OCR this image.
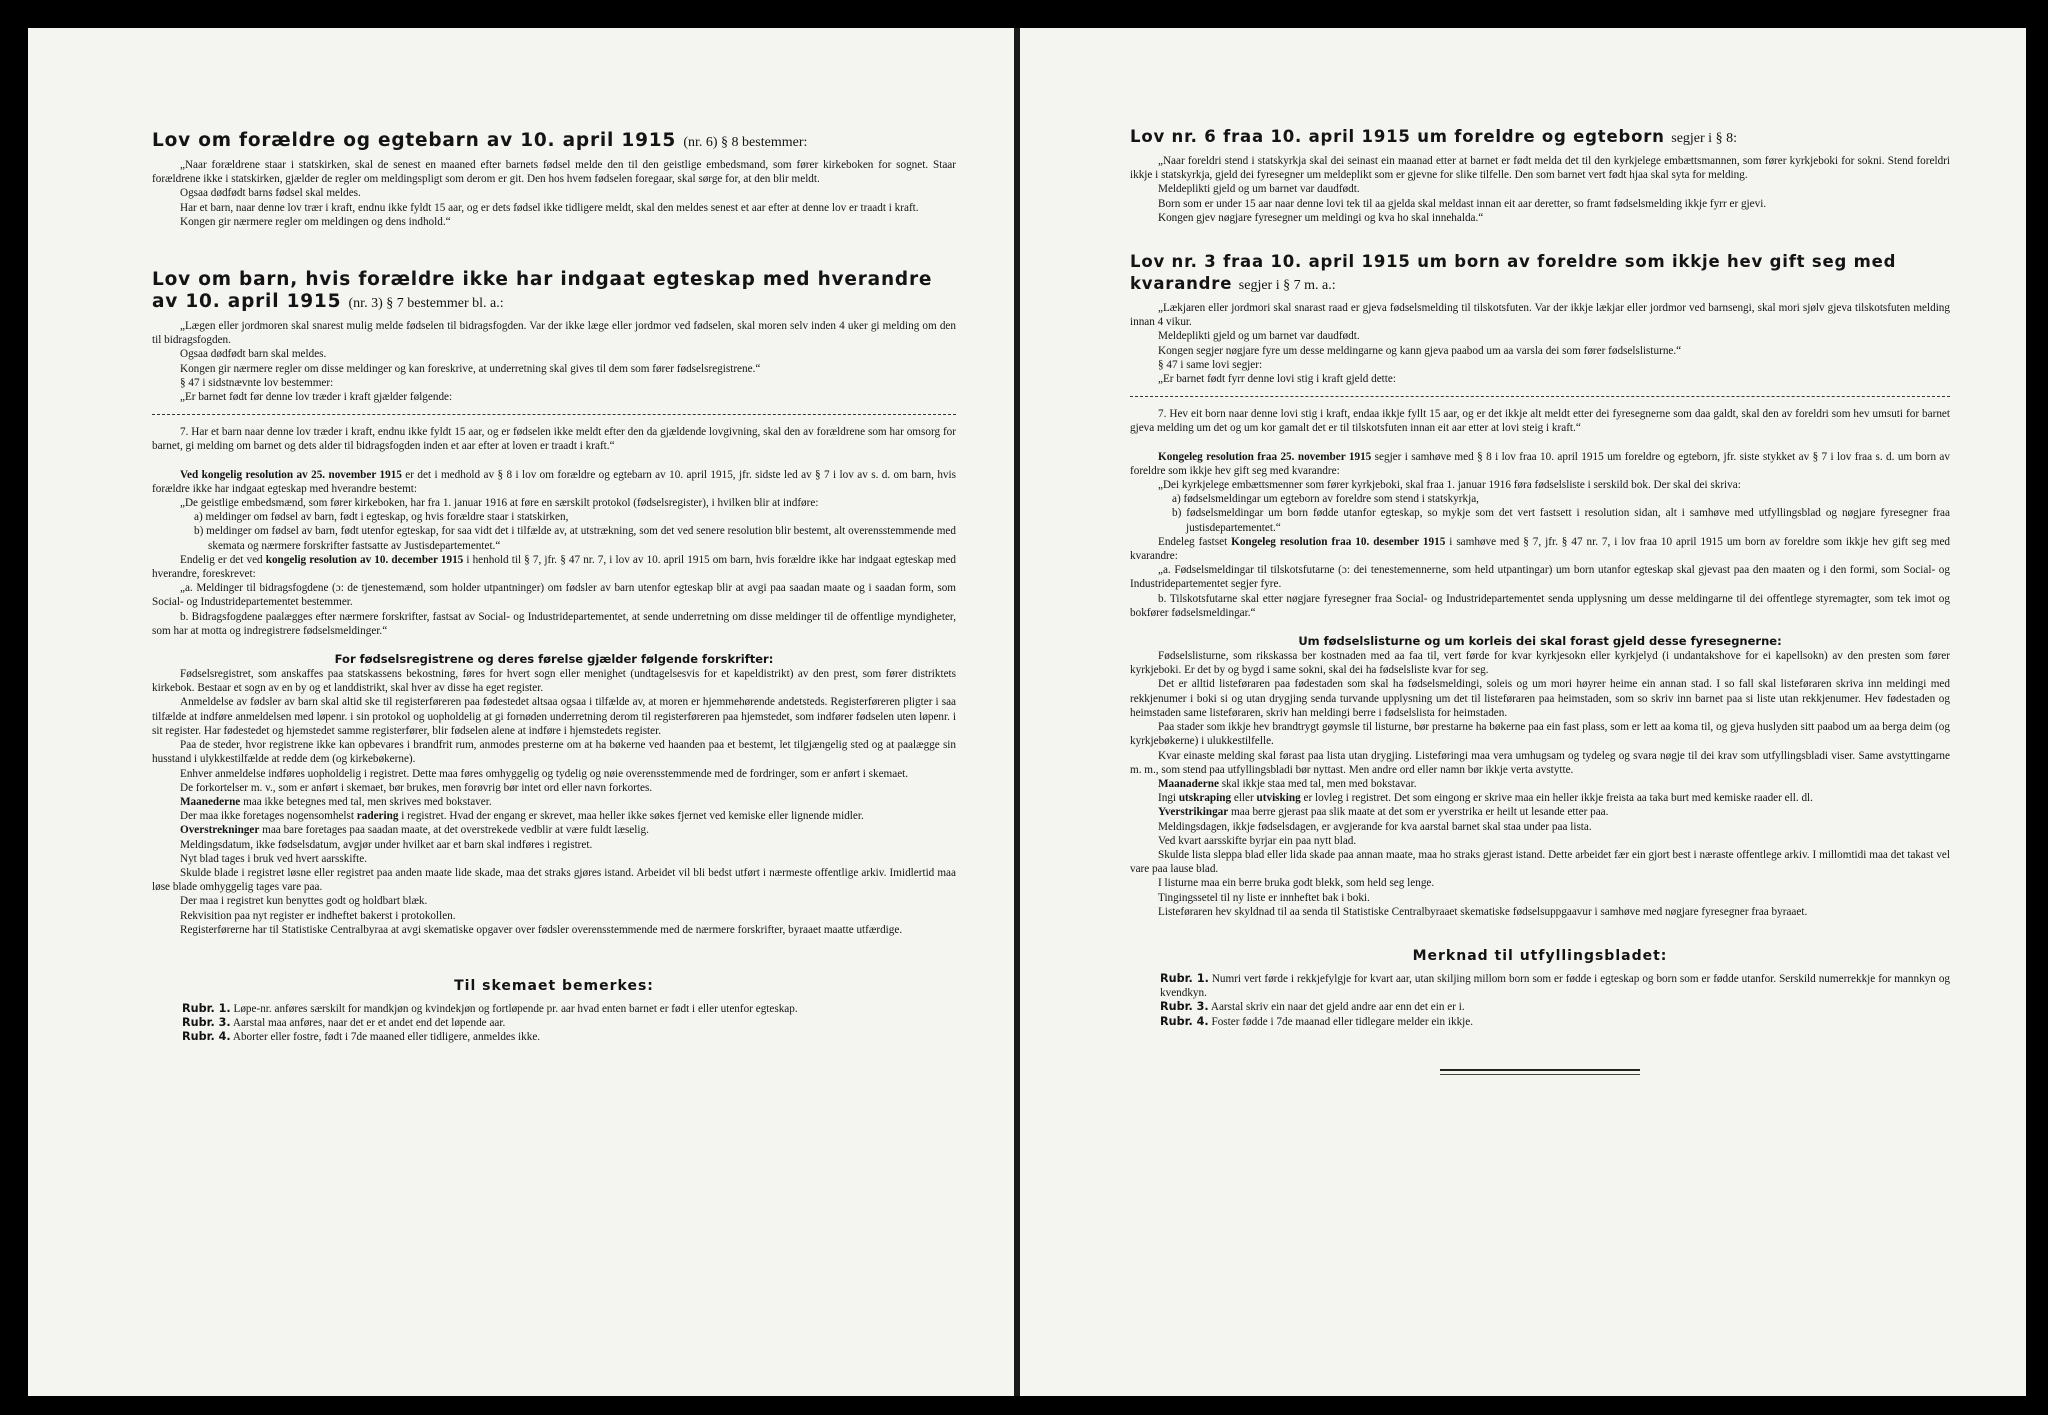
Lov om forældre og egtebarn av 10. april 1915 (nr. 6) § 8 bestemmer:

„Naar forældrene staar i statskirken, skal de senest en maaned efter barnets fødsel melde den til den geistlige embedsmand, som fører kirkeboken for sognet. Staar forældrene ikke i statskirken, gjælder de regler om meldingspligt som derom er git. Den hos hvem fødselen foregaar, skal sørge for, at den blir meldt.

Ogsaa dødfødt barns fødsel skal meldes.

Har et barn, naar denne lov trær i kraft, endnu ikke fyldt 15 aar, og er dets fødsel ikke tidligere meldt, skal den meldes senest et aar efter at denne lov er traadt i kraft.

Kongen gir nærmere regler om meldingen og dens indhold.“

Lov om barn, hvis forældre ikke har indgaat egteskap med hverandre av 10. april 1915 (nr. 3) § 7 bestemmer bl. a.:

„Lægen eller jordmoren skal snarest mulig melde fødselen til bidragsfogden. Var der ikke læge eller jordmor ved fødselen, skal moren selv inden 4 uker gi melding om den til bidragsfogden.

Ogsaa dødfødt barn skal meldes.

Kongen gir nærmere regler om disse meldinger og kan foreskrive, at underretning skal gives til dem som fører fødselsregistrene.“

§ 47 i sidstnævnte lov bestemmer:

„Er barnet født før denne lov træder i kraft gjælder følgende:

7. Har et barn naar denne lov træder i kraft, endnu ikke fyldt 15 aar, og er fødselen ikke meldt efter den da gjældende lovgivning, skal den av forældrene som har omsorg for barnet, gi melding om barnet og dets alder til bidragsfogden inden et aar efter at loven er traadt i kraft.“

Ved kongelig resolution av 25. november 1915 er det i medhold av § 8 i lov om forældre og egtebarn av 10. april 1915, jfr. sidste led av § 7 i lov av s. d. om barn, hvis forældre ikke har indgaat egteskap med hverandre bestemt:

„De geistlige embedsmænd, som fører kirkeboken, har fra 1. januar 1916 at føre en særskilt protokol (fødselsregister), i hvilken blir at indføre:

a) meldinger om fødsel av barn, født i egteskap, og hvis forældre staar i statskirken,

b) meldinger om fødsel av barn, født utenfor egteskap, for saa vidt det i tilfælde av, at utstrækning, som det ved senere resolution blir bestemt, alt overensstemmende med skemata og nærmere forskrifter fastsatte av Justisdepartementet.“

Endelig er det ved kongelig resolution av 10. december 1915 i henhold til § 7, jfr. § 47 nr. 7, i lov av 10. april 1915 om barn, hvis forældre ikke har indgaat egteskap med hverandre, foreskrevet:

„a. Meldinger til bidragsfogdene (ɔ: de tjenestemænd, som holder utpantninger) om fødsler av barn utenfor egteskap blir at avgi paa saadan maate og i saadan form, som Social- og Industridepartementet bestemmer.

b. Bidragsfogdene paalægges efter nærmere forskrifter, fastsat av Social- og Industridepartementet, at sende underretning om disse meldinger til de offentlige myndigheter, som har at motta og indregistrere fødselsmeldinger.“

For fødselsregistrene og deres førelse gjælder følgende forskrifter:

Fødselsregistret, som anskaffes paa statskassens bekostning, føres for hvert sogn eller menighet (undtagelsesvis for et kapeldistrikt) av den prest, som fører distriktets kirkebok. Bestaar et sogn av en by og et landdistrikt, skal hver av disse ha eget register.

Anmeldelse av fødsler av barn skal altid ske til registerføreren paa fødestedet altsaa ogsaa i tilfælde av, at moren er hjemmehørende andetsteds. Registerføreren pligter i saa tilfælde at indføre anmeldelsen med løpenr. i sin protokol og uopholdelig at gi fornøden underretning derom til registerføreren paa hjemstedet, som indfører fødselen uten løpenr. i sit register. Har fødestedet og hjemstedet samme registerfører, blir fødselen alene at indføre i hjemstedets register.

Paa de steder, hvor registrene ikke kan opbevares i brandfrit rum, anmodes presterne om at ha bøkerne ved haanden paa et bestemt, let tilgjængelig sted og at paalægge sin husstand i ulykkestilfælde at redde dem (og kirkebøkerne).

Enhver anmeldelse indføres uopholdelig i registret. Dette maa føres omhyggelig og tydelig og nøie overensstemmende med de fordringer, som er anført i skemaet.

De forkortelser m. v., som er anført i skemaet, bør brukes, men forøvrig bør intet ord eller navn forkortes.

Maanederne maa ikke betegnes med tal, men skrives med bokstaver.

Der maa ikke foretages nogensomhelst radering i registret. Hvad der engang er skrevet, maa heller ikke søkes fjernet ved kemiske eller lignende midler.

Overstrekninger maa bare foretages paa saadan maate, at det overstrekede vedblir at være fuldt læselig.

Meldingsdatum, ikke fødselsdatum, avgjør under hvilket aar et barn skal indføres i registret.

Nyt blad tages i bruk ved hvert aarsskifte.

Skulde blade i registret løsne eller registret paa anden maate lide skade, maa det straks gjøres istand. Arbeidet vil bli bedst utført i nærmeste offentlige arkiv. Imidlertid maa løse blade omhyggelig tages vare paa.

Der maa i registret kun benyttes godt og holdbart blæk.

Rekvisition paa nyt register er indheftet bakerst i protokollen.

Registerførerne har til Statistiske Centralbyraa at avgi skematiske opgaver over fødsler overensstemmende med de nærmere forskrifter, byraaet maatte utfærdige.

Til skemaet bemerkes:

Rubr. 1. Løpe-nr. anføres særskilt for mandkjøn og kvindekjøn og fortløpende pr. aar hvad enten barnet er født i eller utenfor egteskap.

Rubr. 3. Aarstal maa anføres, naar det er et andet end det løpende aar.

Rubr. 4. Aborter eller fostre, født i 7de maaned eller tidligere, anmeldes ikke.

Lov nr. 6 fraa 10. april 1915 um foreldre og egteborn segjer i § 8:

„Naar foreldri stend i statskyrkja skal dei seinast ein maanad etter at barnet er født melda det til den kyrkjelege embættsmannen, som fører kyrkjeboki for sokni. Stend foreldri ikkje i statskyrkja, gjeld dei fyresegner um meldeplikt som er gjevne for slike tilfelle. Den som barnet vert født hjaa skal syta for melding.

Meldeplikti gjeld og um barnet var daudfødt.

Born som er under 15 aar naar denne lovi tek til aa gjelda skal meldast innan eit aar deretter, so framt fødselsmelding ikkje fyrr er gjevi.

Kongen gjev nøgjare fyresegner um meldingi og kva ho skal innehalda.“

Lov nr. 3 fraa 10. april 1915 um born av foreldre som ikkje hev gift seg med kvarandre segjer i § 7 m. a.:

„Lækjaren eller jordmori skal snarast raad er gjeva fødselsmelding til tilskotsfuten. Var der ikkje lækjar eller jordmor ved barnsengi, skal mori sjølv gjeva tilskotsfuten melding innan 4 vikur.

Meldeplikti gjeld og um barnet var daudfødt.

Kongen segjer nøgjare fyre um desse meldingarne og kann gjeva paabod um aa varsla dei som fører fødselslisturne.“

§ 47 i same lovi segjer:

„Er barnet født fyrr denne lovi stig i kraft gjeld dette:

7. Hev eit born naar denne lovi stig i kraft, endaa ikkje fyllt 15 aar, og er det ikkje alt meldt etter dei fyresegnerne som daa galdt, skal den av foreldri som hev umsuti for barnet gjeva melding um det og um kor gamalt det er til tilskotsfuten innan eit aar etter at lovi steig i kraft.“

Kongeleg resolution fraa 25. november 1915 segjer i samhøve med § 8 i lov fraa 10. april 1915 um foreldre og egteborn, jfr. siste stykket av § 7 i lov fraa s. d. um born av foreldre som ikkje hev gift seg med kvarandre:

„Dei kyrkjelege embættsmenner som fører kyrkjeboki, skal fraa 1. januar 1916 føra fødselsliste i serskild bok. Der skal dei skriva:

a) fødselsmeldingar um egteborn av foreldre som stend i statskyrkja,

b) fødselsmeldingar um born fødde utanfor egteskap, so mykje som det vert fastsett i resolution sidan, alt i samhøve med utfyllingsblad og nøgjare fyresegner fraa justisdepartementet.“

Endeleg fastset Kongeleg resolution fraa 10. desember 1915 i samhøve med § 7, jfr. § 47 nr. 7, i lov fraa 10 april 1915 um born av foreldre som ikkje hev gift seg med kvarandre:

„a. Fødselsmeldingar til tilskotsfutarne (ɔ: dei tenestemennerne, som held utpantingar) um born utanfor egteskap skal gjevast paa den maaten og i den formi, som Social- og Industridepartementet segjer fyre.

b. Tilskotsfutarne skal etter nøgjare fyresegner fraa Social- og Industridepartementet senda upplysning um desse meldingarne til dei offentlege styremagter, som tek imot og bokfører fødselsmeldingar.“

Um fødselslisturne og um korleis dei skal forast gjeld desse fyresegnerne:

Fødselslisturne, som rikskassa ber kostnaden med aa faa til, vert førde for kvar kyrkjesokn eller kyrkjelyd (i undantakshove for ei kapellsokn) av den presten som fører kyrkjeboki. Er det by og bygd i same sokni, skal dei ha fødselsliste kvar for seg.

Det er alltid listeføraren paa fødestaden som skal ha fødselsmeldingi, soleis og um mori høyrer heime ein annan stad. I so fall skal listeføraren skriva inn meldingi med rekkjenumer i boki si og utan drygjing senda turvande upplysning um det til listeføraren paa heimstaden, som so skriv inn barnet paa si liste utan rekkjenumer. Hev fødestaden og heimstaden same listeføraren, skriv han meldingi berre i fødselslista for heimstaden.

Paa stader som ikkje hev brandtrygt gøymsle til listurne, bør prestarne ha bøkerne paa ein fast plass, som er lett aa koma til, og gjeva huslyden sitt paabod um aa berga deim (og kyrkjebøkerne) i ulukkestilfelle.

Kvar einaste melding skal førast paa lista utan drygjing. Listeføringi maa vera umhugsam og tydeleg og svara nøgje til dei krav som utfyllingsbladi viser. Same avstyttingarne m. m., som stend paa utfyllingsbladi bør nyttast. Men andre ord eller namn bør ikkje verta avstytte.

Maanaderne skal ikkje staa med tal, men med bokstavar.

Ingi utskraping eller utvisking er lovleg i registret. Det som eingong er skrive maa ein heller ikkje freista aa taka burt med kemiske raader ell. dl.

Yverstrikingar maa berre gjerast paa slik maate at det som er yverstrika er heilt ut lesande etter paa.

Meldingsdagen, ikkje fødselsdagen, er avgjerande for kva aarstal barnet skal staa under paa lista.

Ved kvart aarsskifte byrjar ein paa nytt blad.

Skulde lista sleppa blad eller lida skade paa annan maate, maa ho straks gjerast istand. Dette arbeidet fær ein gjort best i næraste offentlege arkiv. I millomtidi maa det takast vel vare paa lause blad.

I listurne maa ein berre bruka godt blekk, som held seg lenge.

Tingingssetel til ny liste er innheftet bak i boki.

Listeføraren hev skyldnad til aa senda til Statistiske Centralbyraaet skematiske fødselsuppgaavur i samhøve med nøgjare fyresegner fraa byraaet.

Merknad til utfyllingsbladet:

Rubr. 1. Numri vert førde i rekkjefylgje for kvart aar, utan skiljing millom born som er fødde i egteskap og born som er fødde utanfor. Serskild numerrekkje for mannkyn og kvendkyn.

Rubr. 3. Aarstal skriv ein naar det gjeld andre aar enn det ein er i.

Rubr. 4. Foster fødde i 7de maanad eller tidlegare melder ein ikkje.
